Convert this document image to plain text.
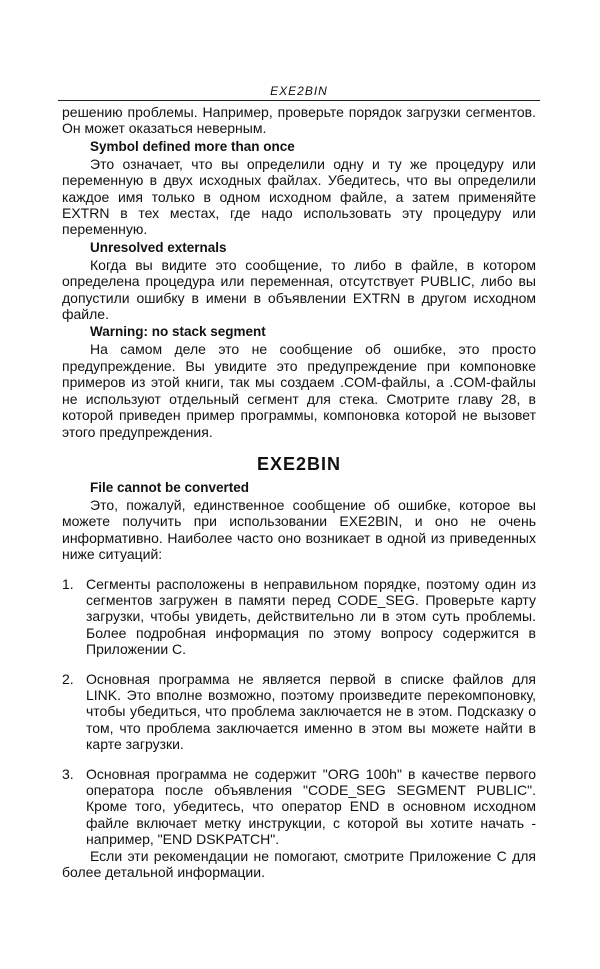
EXE2BIN

решению проблемы. Например, проверьте порядок загрузки сегментов. Он может оказаться неверным.

Symbol defined more than once

Это означает, что вы определили одну и ту же процедуру или переменную в двух исходных файлах. Убедитесь, что вы определили каждое имя только в одном исходном файле, а затем применяйте EXTRN в тех местах, где надо использовать эту процедуру или переменную.

Unresolved externals

Когда вы видите это сообщение, то либо в файле, в котором определена процедура или переменная, отсутствует PUBLIC, либо вы допустили ошибку в имени в объявлении EXTRN в другом исходном файле.

Warning: no stack segment

На самом деле это не сообщение об ошибке, это просто предупреждение. Вы увидите это предупреждение при компоновке примеров из этой книги, так мы создаем .COM-файлы, а .COM-файлы не используют отдельный сегмент для стека. Смотрите главу 28, в которой приведен пример программы, компоновка которой не вызовет этого предупреждения.

EXE2BIN
File cannot be converted

Это, пожалуй, единственное сообщение об ошибке, которое вы можете получить при использовании EXE2BIN, и оно не очень информативно. Наиболее часто оно возникает в одной из приведенных ниже ситуаций:

1. Сегменты расположены в неправильном порядке, поэтому один из сегментов загружен в памяти перед CODE_SEG. Проверьте карту загрузки, чтобы увидеть, действительно ли в этом суть проблемы. Более подробная информация по этому вопросу содержится в Приложении С.
2. Основная программа не является первой в списке файлов для LINK. Это вполне возможно, поэтому произведите перекомпоновку, чтобы убедиться, что проблема заключается не в этом. Подсказку о том, что проблема заключается именно в этом вы можете найти в карте загрузки.
3. Основная программа не содержит "ORG 100h" в качестве первого оператора после объявления "CODE_SEG SEGMENT PUBLIC". Кроме того, убедитесь, что оператор END в основном исходном файле включает метку инструкции, с которой вы хотите начать - например, "END DSKPATCH".

Если эти рекомендации не помогают, смотрите Приложение С для более детальной информации.
